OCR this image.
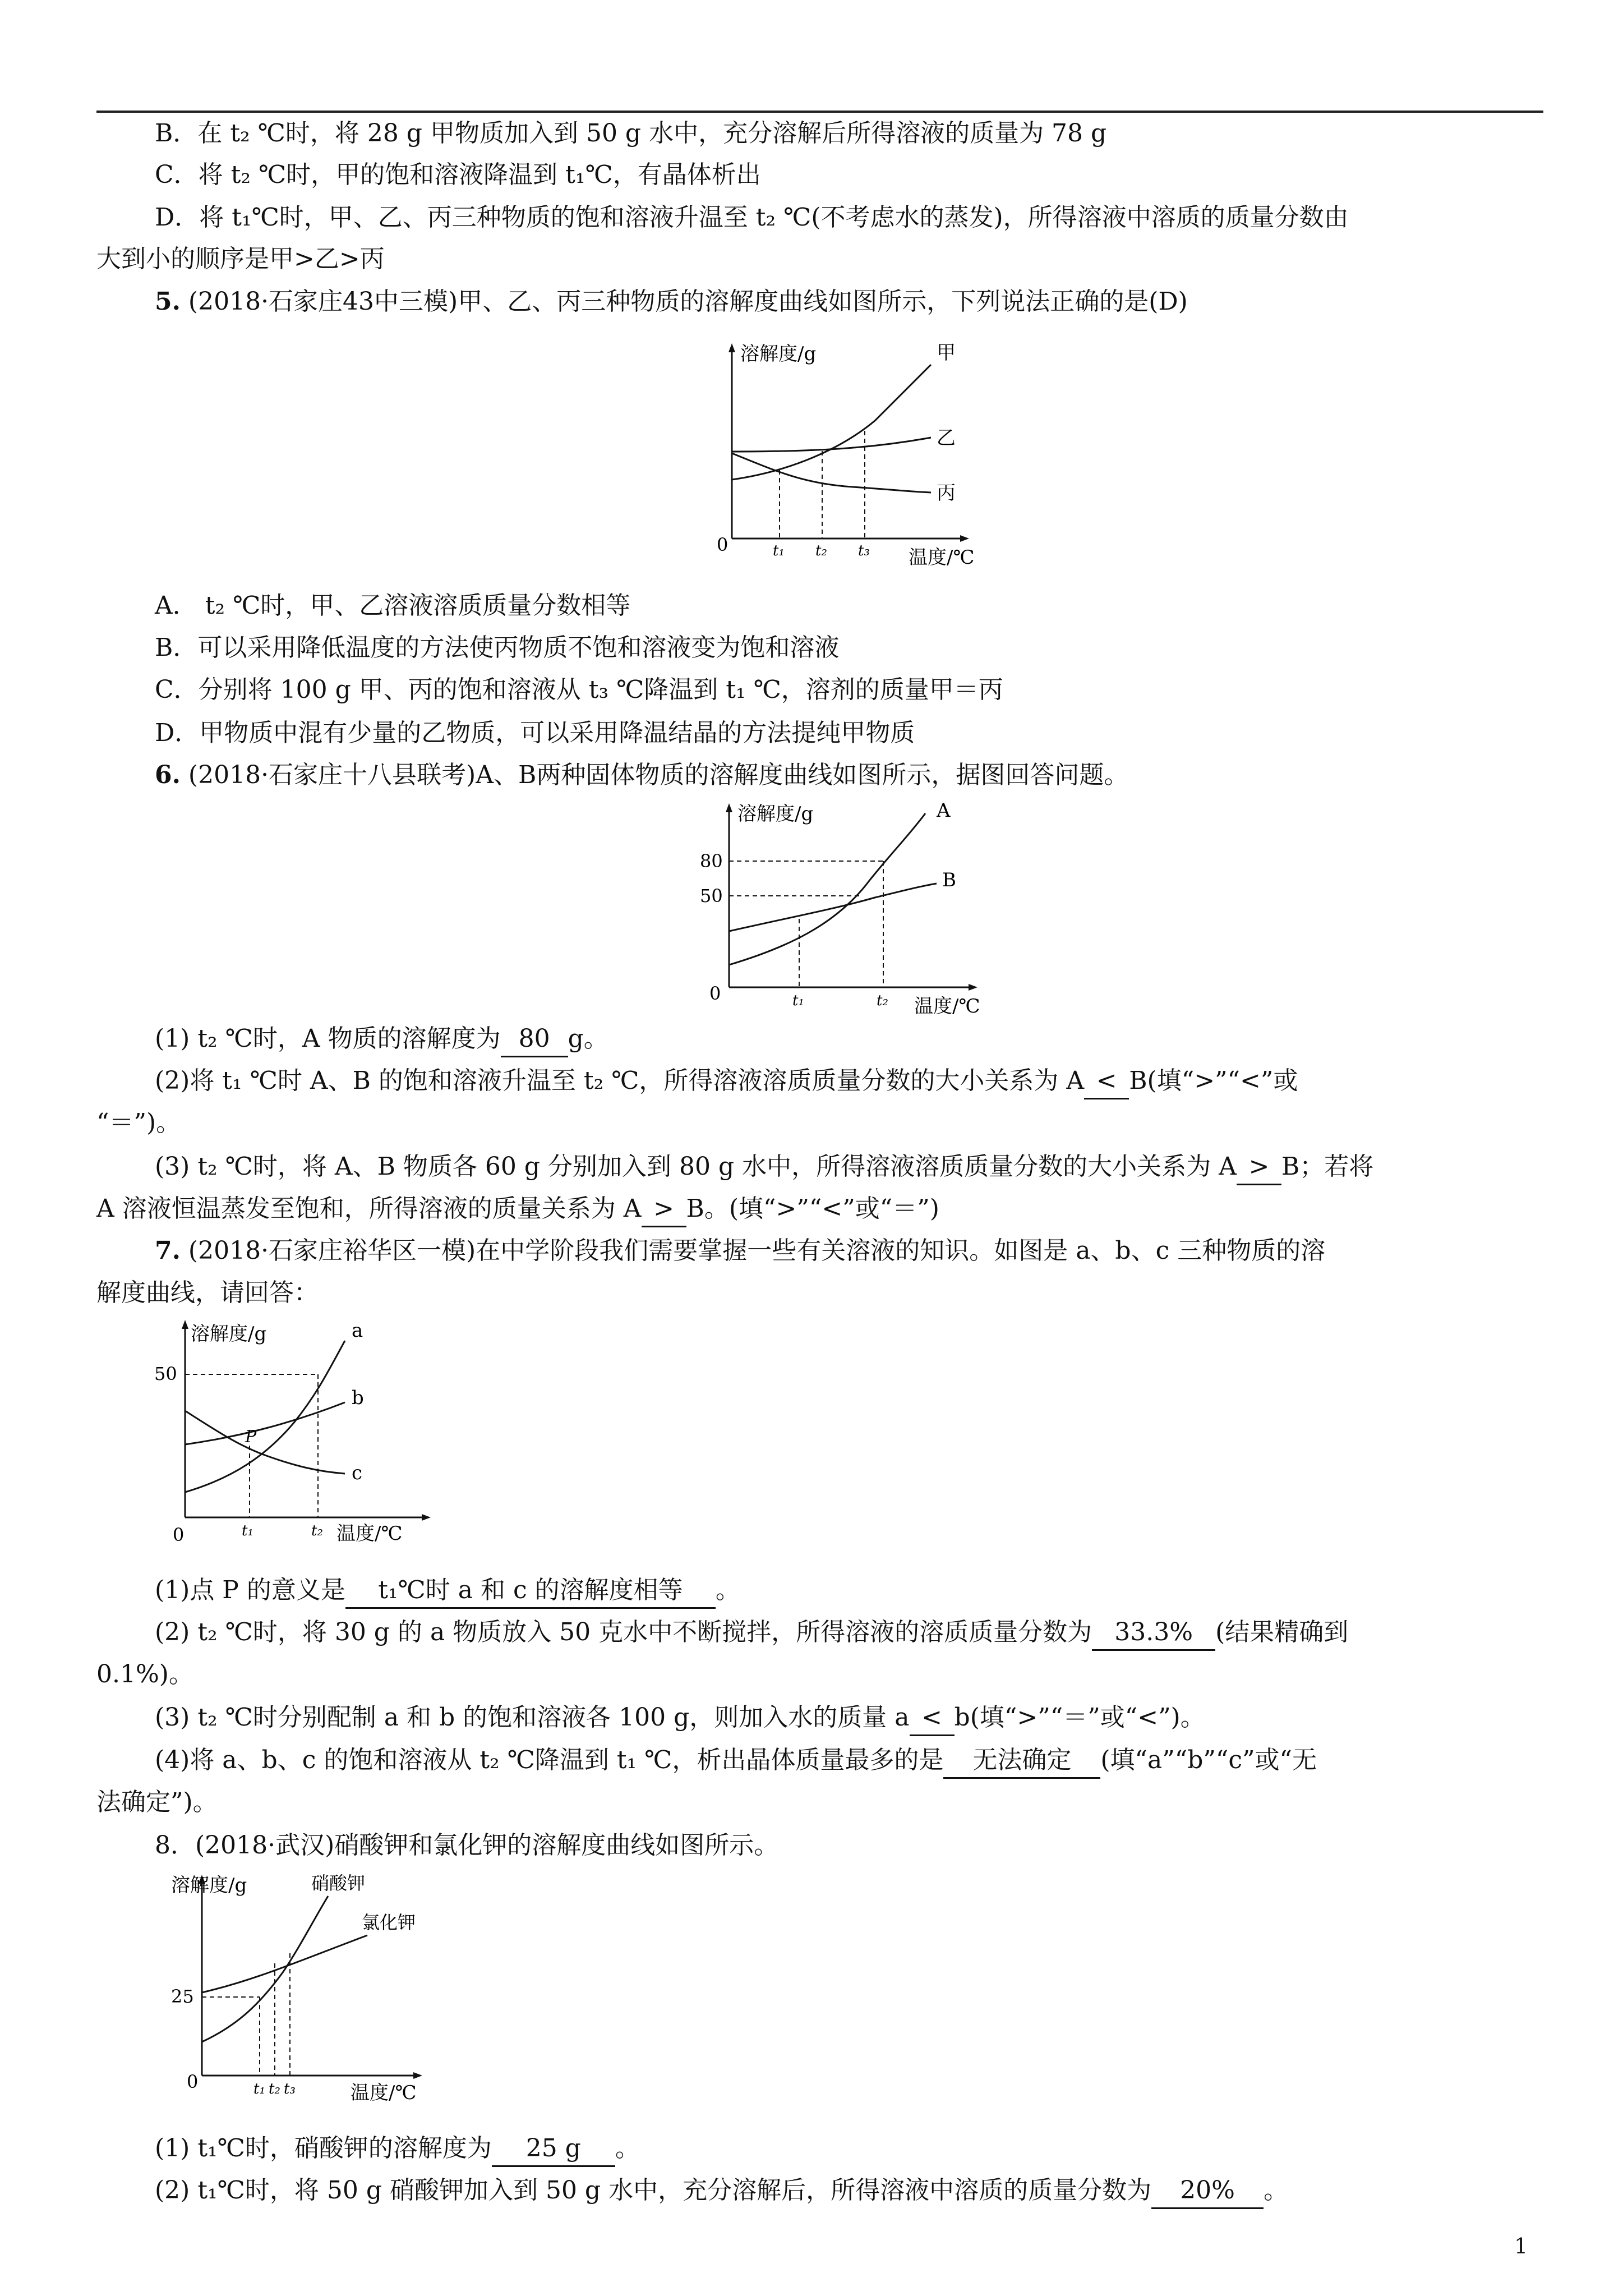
B．在 t₂ ℃时，将 28 g 甲物质加入到 50 g 水中，充分溶解后所得溶液的质量为 78 g
C．将 t₂ ℃时，甲的饱和溶液降温到 t₁℃，有晶体析出
D．将 t₁℃时，甲、乙、丙三种物质的饱和溶液升温至 t₂ ℃(不考虑水的蒸发)，所得溶液中溶质的质量分数由
大到小的顺序是甲>乙>丙
5. (2018·石家庄43中三模)甲、乙、丙三种物质的溶解度曲线如图所示，下列说法正确的是(D)
溶解度/g
温度/℃
0	t₁ t₂ t₃
甲
乙
丙
A． t₂ ℃时，甲、乙溶液溶质质量分数相等
B．可以采用降低温度的方法使丙物质不饱和溶液变为饱和溶液
C．分别将 100 g 甲、丙的饱和溶液从 t₃ ℃降温到 t₁ ℃，溶剂的质量甲＝丙
D．甲物质中混有少量的乙物质，可以采用降温结晶的方法提纯甲物质
6. (2018·石家庄十八县联考)A、B两种固体物质的溶解度曲线如图所示，据图回答问题。
溶解度/g
温度/℃
0
80
50
t₁	t₂
A
B
(1) t₂ ℃时，A 物质的溶解度为 80 g。
(2)将 t₁ ℃时 A、B 的饱和溶液升温至 t₂ ℃，所得溶液溶质质量分数的大小关系为 A < B(填“>”“<”或
“＝”)。
(3) t₂ ℃时，将 A、B 物质各 60 g 分别加入到 80 g 水中，所得溶液溶质质量分数的大小关系为 A > B；若将
A 溶液恒温蒸发至饱和，所得溶液的质量关系为 A > B。(填“>”“<”或“＝”)
7. (2018·石家庄裕华区一模)在中学阶段我们需要掌握一些有关溶液的知识。如图是 a、b、c 三种物质的溶
解度曲线，请回答：
溶解度/g
温度/℃
0
50
t₁	t₂
P
a
b
c
(1)点 P 的意义是 t₁℃时 a 和 c 的溶解度相等 。
(2) t₂ ℃时，将 30 g 的 a 物质放入 50 克水中不断搅拌，所得溶液的溶质质量分数为 33.3% (结果精确到
0.1%)。
(3) t₂ ℃时分别配制 a 和 b 的饱和溶液各 100 g，则加入水的质量 a < b(填“>”“＝”或“<”)。
(4)将 a、b、c 的饱和溶液从 t₂ ℃降温到 t₁ ℃，析出晶体质量最多的是 无法确定 (填“a”“b”“c”或“无
法确定”)。
8．(2018·武汉)硝酸钾和氯化钾的溶解度曲线如图所示。
溶解度/g
温度/℃
0
25
t₁ t₂ t₃
硝酸钾
氯化钾
(1) t₁℃时，硝酸钾的溶解度为 25 g 。
(2) t₁℃时，将 50 g 硝酸钾加入到 50 g 水中，充分溶解后，所得溶液中溶质的质量分数为 20% 。
1
